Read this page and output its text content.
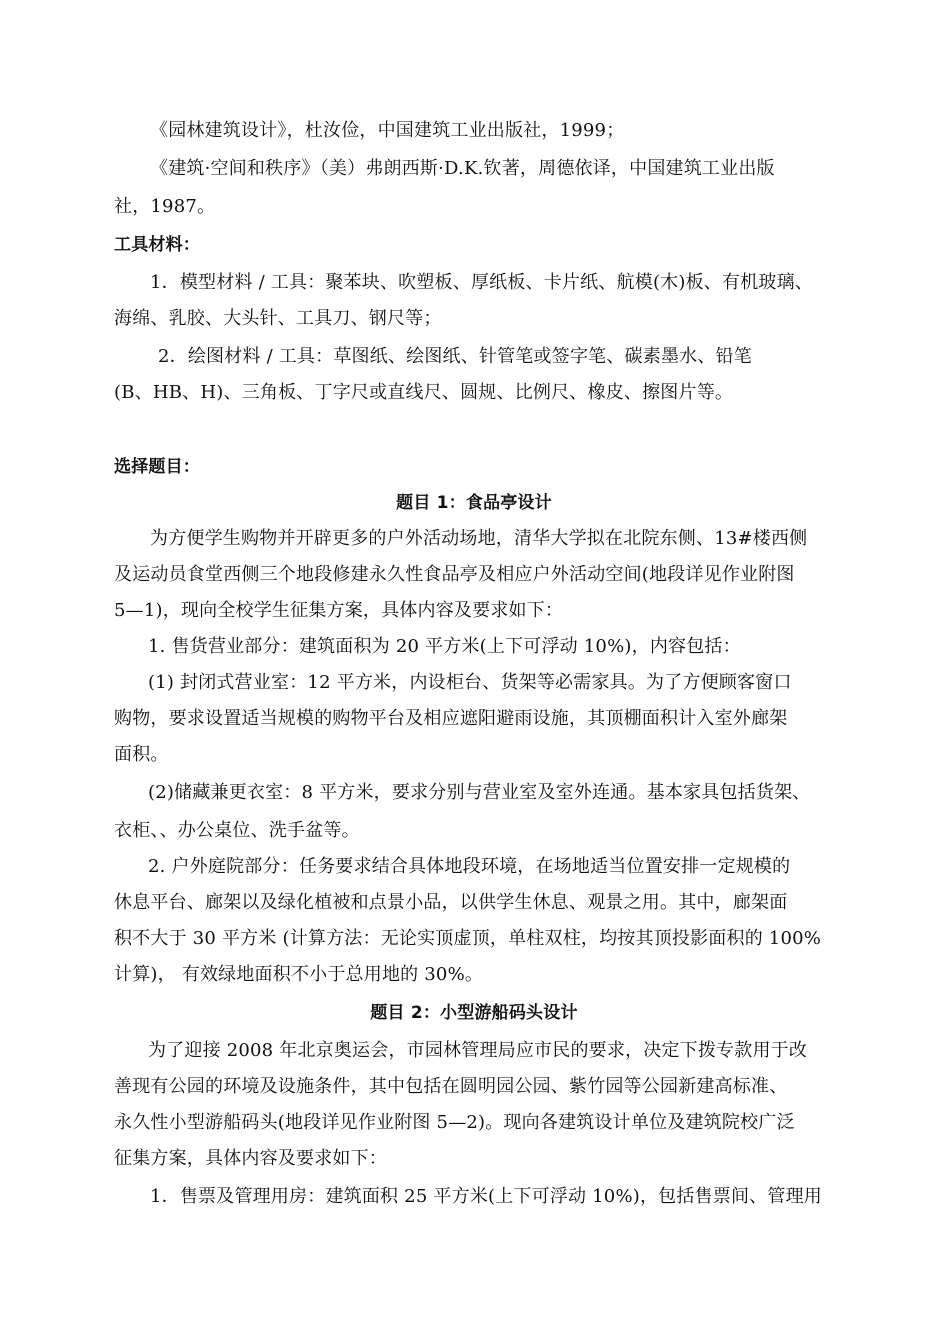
《园林建筑设计》，杜汝俭，中国建筑工业出版社，1999；
《建筑·空间和秩序》（美）弗朗西斯·D.K.钦著，周德依译，中国建筑工业出版
社，1987。
工具材料：
1．模型材料 / 工具：聚苯块、吹塑板、厚纸板、卡片纸、航模(木)板、有机玻璃、
海绵、乳胶、大头针、工具刀、钢尺等；
2．绘图材料 / 工具：草图纸、绘图纸、针管笔或签字笔、碳素墨水、铅笔
(B、HB、H)、三角板、丁字尺或直线尺、圆规、比例尺、橡皮、擦图片等。
选择题目：
题目 1：食品亭设计
为方便学生购物并开辟更多的户外活动场地，清华大学拟在北院东侧、13#楼西侧
及运动员食堂西侧三个地段修建永久性食品亭及相应户外活动空间(地段详见作业附图
5—1)，现向全校学生征集方案，具体内容及要求如下：
1. 售货营业部分：建筑面积为 20 平方米(上下可浮动 10%)，内容包括：
(1) 封闭式营业室：12 平方米，内设柜台、货架等必需家具。为了方便顾客窗口
购物，要求设置适当规模的购物平台及相应遮阳避雨设施，其顶棚面积计入室外廊架
面积。
(2)储藏兼更衣室：8 平方米，要求分别与营业室及室外连通。基本家具包括货架、
衣柜、、办公桌位、洗手盆等。
2. 户外庭院部分：任务要求结合具体地段环境，在场地适当位置安排一定规模的
休息平台、廊架以及绿化植被和点景小品，以供学生休息、观景之用。其中，廊架面
积不大于 30 平方米 (计算方法：无论实顶虚顶，单柱双柱，均按其顶投影面积的 100%
计算)， 有效绿地面积不小于总用地的 30%。
题目 2：小型游船码头设计
为了迎接 2008 年北京奥运会，市园林管理局应市民的要求，决定下拨专款用于改
善现有公园的环境及设施条件，其中包括在圆明园公园、紫竹园等公园新建高标准、
永久性小型游船码头(地段详见作业附图 5—2)。现向各建筑设计单位及建筑院校广泛
征集方案，具体内容及要求如下：
1．售票及管理用房：建筑面积 25 平方米(上下可浮动 10%)，包括售票间、管理用
